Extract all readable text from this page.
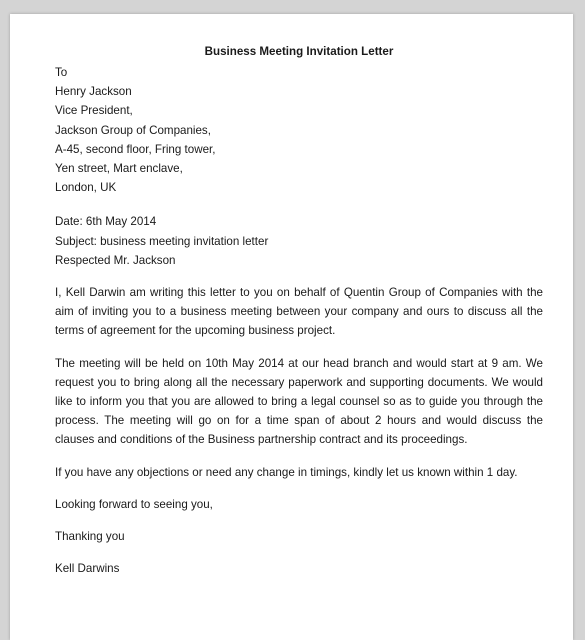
Business Meeting Invitation Letter

To

Henry Jackson

Vice President,

Jackson Group of Companies,

A-45, second floor, Fring tower,

Yen street, Mart enclave,

London, UK

Date: 6th May 2014

Subject: business meeting invitation letter

Respected Mr. Jackson

I, Kell Darwin am writing this letter to you on behalf of Quentin Group of Companies with the aim of inviting you to a business meeting between your company and ours to discuss all the terms of agreement for the upcoming business project.

The meeting will be held on 10th May 2014 at our head branch and would start at 9 am. We request you to bring along all the necessary paperwork and supporting documents. We would like to inform you that you are allowed to bring a legal counsel so as to guide you through the process. The meeting will go on for a time span of about 2 hours and would discuss the clauses and conditions of the Business partnership contract and its proceedings.

If you have any objections or need any change in timings, kindly let us known within 1 day.

Looking forward to seeing you,

Thanking you

Kell Darwins
